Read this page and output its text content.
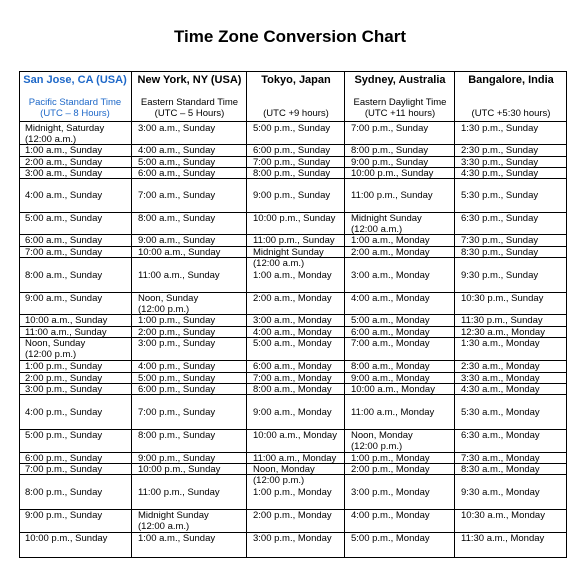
Time Zone Conversion Chart
San Jose, CA (USA)
Pacific Standard Time
(UTC – 8 Hours)
Midnight, Saturday
(12:00 a.m.)
1:00 a.m., Sunday
2:00 a.m., Sunday
3:00 a.m., Sunday
4:00 a.m., Sunday
5:00 a.m., Sunday
6:00 a.m., Sunday
7:00 a.m., Sunday
8:00 a.m., Sunday
9:00 a.m., Sunday
10:00 a.m., Sunday
11:00 a.m., Sunday
Noon, Sunday
(12:00 p.m.)
1:00 p.m., Sunday
2:00 p.m., Sunday
3:00 p.m., Sunday
4:00 p.m., Sunday
5:00 p.m., Sunday
6:00 p.m., Sunday
7:00 p.m., Sunday
8:00 p.m., Sunday
9:00 p.m., Sunday
10:00 p.m., Sunday
New York, NY (USA)
Eastern Standard Time
(UTC – 5 Hours)
3:00 a.m., Sunday
4:00 a.m., Sunday
5:00 a.m., Sunday
6:00 a.m., Sunday
7:00 a.m., Sunday
8:00 a.m., Sunday
9:00 a.m., Sunday
10:00 a.m., Sunday
11:00 a.m., Sunday
Noon, Sunday
(12:00 p.m.)
1:00 p.m., Sunday
2:00 p.m., Sunday
3:00 p.m., Sunday
4:00 p.m., Sunday
5:00 p.m., Sunday
6:00 p.m., Sunday
7:00 p.m., Sunday
8:00 p.m., Sunday
9:00 p.m., Sunday
10:00 p.m., Sunday
11:00 p.m., Sunday
Midnight Sunday
(12:00 a.m.)
1:00 a.m., Sunday
Tokyo, Japan
(UTC +9 hours)
5:00 p.m., Sunday
6:00 p.m., Sunday
7:00 p.m., Sunday
8:00 p.m., Sunday
9:00 p.m., Sunday
10:00 p.m., Sunday
11:00 p.m., Sunday
Midnight Sunday
(12:00 a.m.)
1:00 a.m., Monday
2:00 a.m., Monday
3:00 a.m., Monday
4:00 a.m., Monday
5:00 a.m., Monday
6:00 a.m., Monday
7:00 a.m., Monday
8:00 a.m., Monday
9:00 a.m., Monday
10:00 a.m., Monday
11:00 a.m., Monday
Noon, Monday
(12:00 p.m.)
1:00 p.m., Monday
2:00 p.m., Monday
3:00 p.m., Monday
Sydney, Australia
Eastern Daylight Time
(UTC +11 hours)
7:00 p.m., Sunday
8:00 p.m., Sunday
9:00 p.m., Sunday
10:00 p.m., Sunday
11:00 p.m., Sunday
Midnight Sunday
(12:00 a.m.)
1:00 a.m., Monday
2:00 a.m., Monday
3:00 a.m., Monday
4:00 a.m., Monday
5:00 a.m., Monday
6:00 a.m., Monday
7:00 a.m., Monday
8:00 a.m., Monday
9:00 a.m., Monday
10:00 a.m., Monday
11:00 a.m., Monday
Noon, Monday
(12:00 p.m.)
1:00 p.m., Monday
2:00 p.m., Monday
3:00 p.m., Monday
4:00 p.m., Monday
5:00 p.m., Monday
Bangalore, India
(UTC +5:30 hours)
1:30 p.m., Sunday
2:30 p.m., Sunday
3:30 p.m., Sunday
4:30 p.m., Sunday
5:30 p.m., Sunday
6:30 p.m., Sunday
7:30 p.m., Sunday
8:30 p.m., Sunday
9:30 p.m., Sunday
10:30 p.m., Sunday
11:30 p.m., Sunday
12:30 a.m., Monday
1:30 a.m., Monday
2:30 a.m., Monday
3:30 a.m., Monday
4:30 a.m., Monday
5:30 a.m., Monday
6:30 a.m., Monday
7:30 a.m., Monday
8:30 a.m., Monday
9:30 a.m., Monday
10:30 a.m., Monday
11:30 a.m., Monday
